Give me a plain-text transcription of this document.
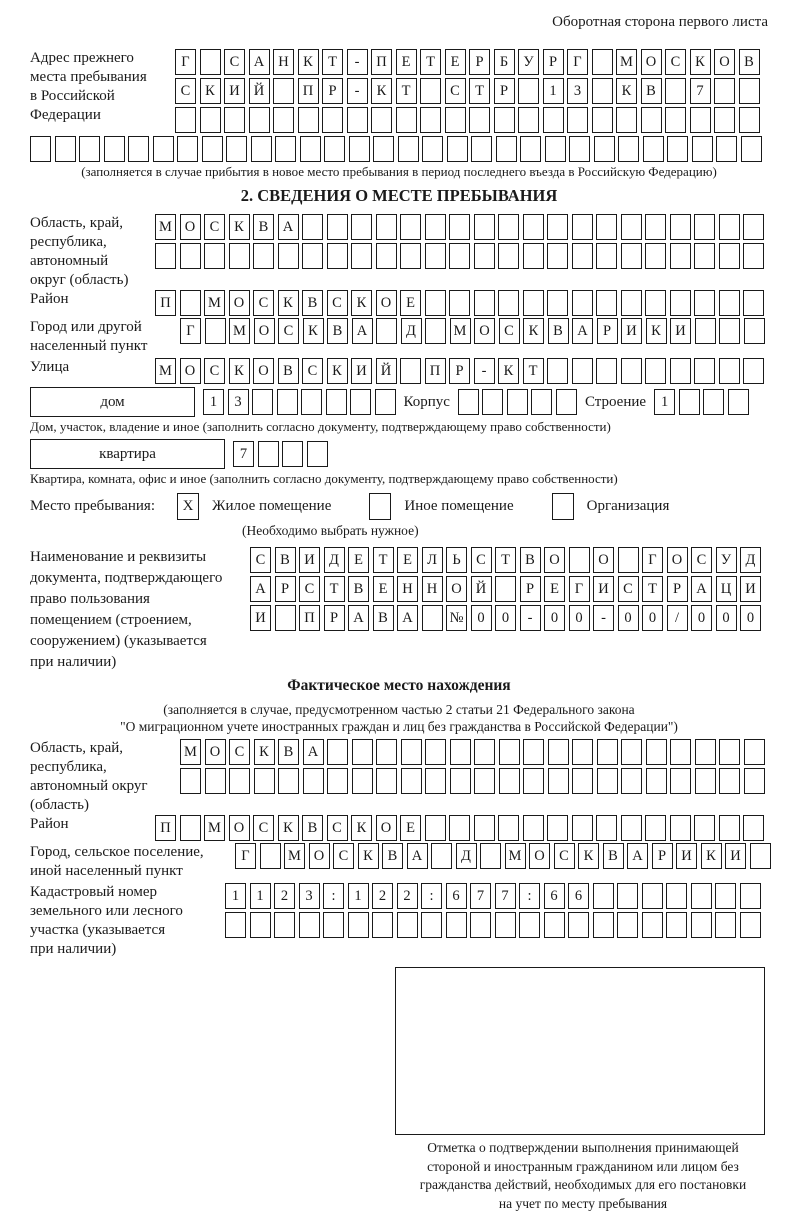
Оборотная сторона первого листа
Адрес прежнего
места пребывания
в Российской
Федерации
Г	С А Н К	Т	-	П	Е	Т	Е	Р	Б	У	Р	Г	М О С	К О В
С	К И Й	П	Р	-	К	Т	С	Т	Р	1	3	К	В	7
(заполняется в случае прибытия в новое место пребывания в период последнего въезда в Российскую Федерацию)
2. СВЕДЕНИЯ О МЕСТЕ ПРЕБЫВАНИЯ
Область, край,
республика,
автономный
округ (область)
М О С	К	В А
Район	П	М О С	К	В	С	К О	Е
Город или другой
населенный пункт
Г	М О С	К	В А	Д	М О С	К	В А	Р	И К И
Улица	М О С	К О В	С	К И Й	П	Р	-	К	Т
дом	1	3	Корпус	Строение	1
Дом, участок, владение и иное (заполнить согласно документу, подтверждающему право собственности)
квартира	7
Квартира, комната, офис и иное (заполнить согласно документу, подтверждающему право собственности)
Место пребывания:	X	Жилое помещение	Иное помещение	Организация
(Необходимо выбрать нужное)
Наименование и реквизиты
документа, подтверждающего
право пользования
помещением (строением,
сооружением) (указывается
при наличии)
С	В И Д	Е	Т	Е	Л	Ь	С	Т	В О	О	Г	О С	У Д
А	Р	С	Т	В	Е	Н Н О Й	Р	Е	Г	И С	Т	Р	А Ц И
И	П	Р	А В А	№ 0	0	-	0	0	-	0	0	/	0	0	0
Фактическое место нахождения
(заполняется в случае, предусмотренном частью 2 статьи 21 Федерального закона
"О миграционном учете иностранных граждан и лиц без гражданства в Российской Федерации")
Область, край,
республика,
автономный округ
(область)
М О С	К	В А
Район	П	М О С	К	В	С	К О	Е
Город, сельское поселение,
иной населенный пункт
Г	М О С	К	В А	Д	М О С	К	В А	Р	И К И
Кадастровый номер
земельного или лесного
участка (указывается
при наличии)
1	1	2	3	:	1	2	2	:	6	7	7	:	6	6
Отметка о подтверждении выполнения принимающей
стороной и иностранным гражданином или лицом без
гражданства действий, необходимых для его постановки
на учет по месту пребывания
